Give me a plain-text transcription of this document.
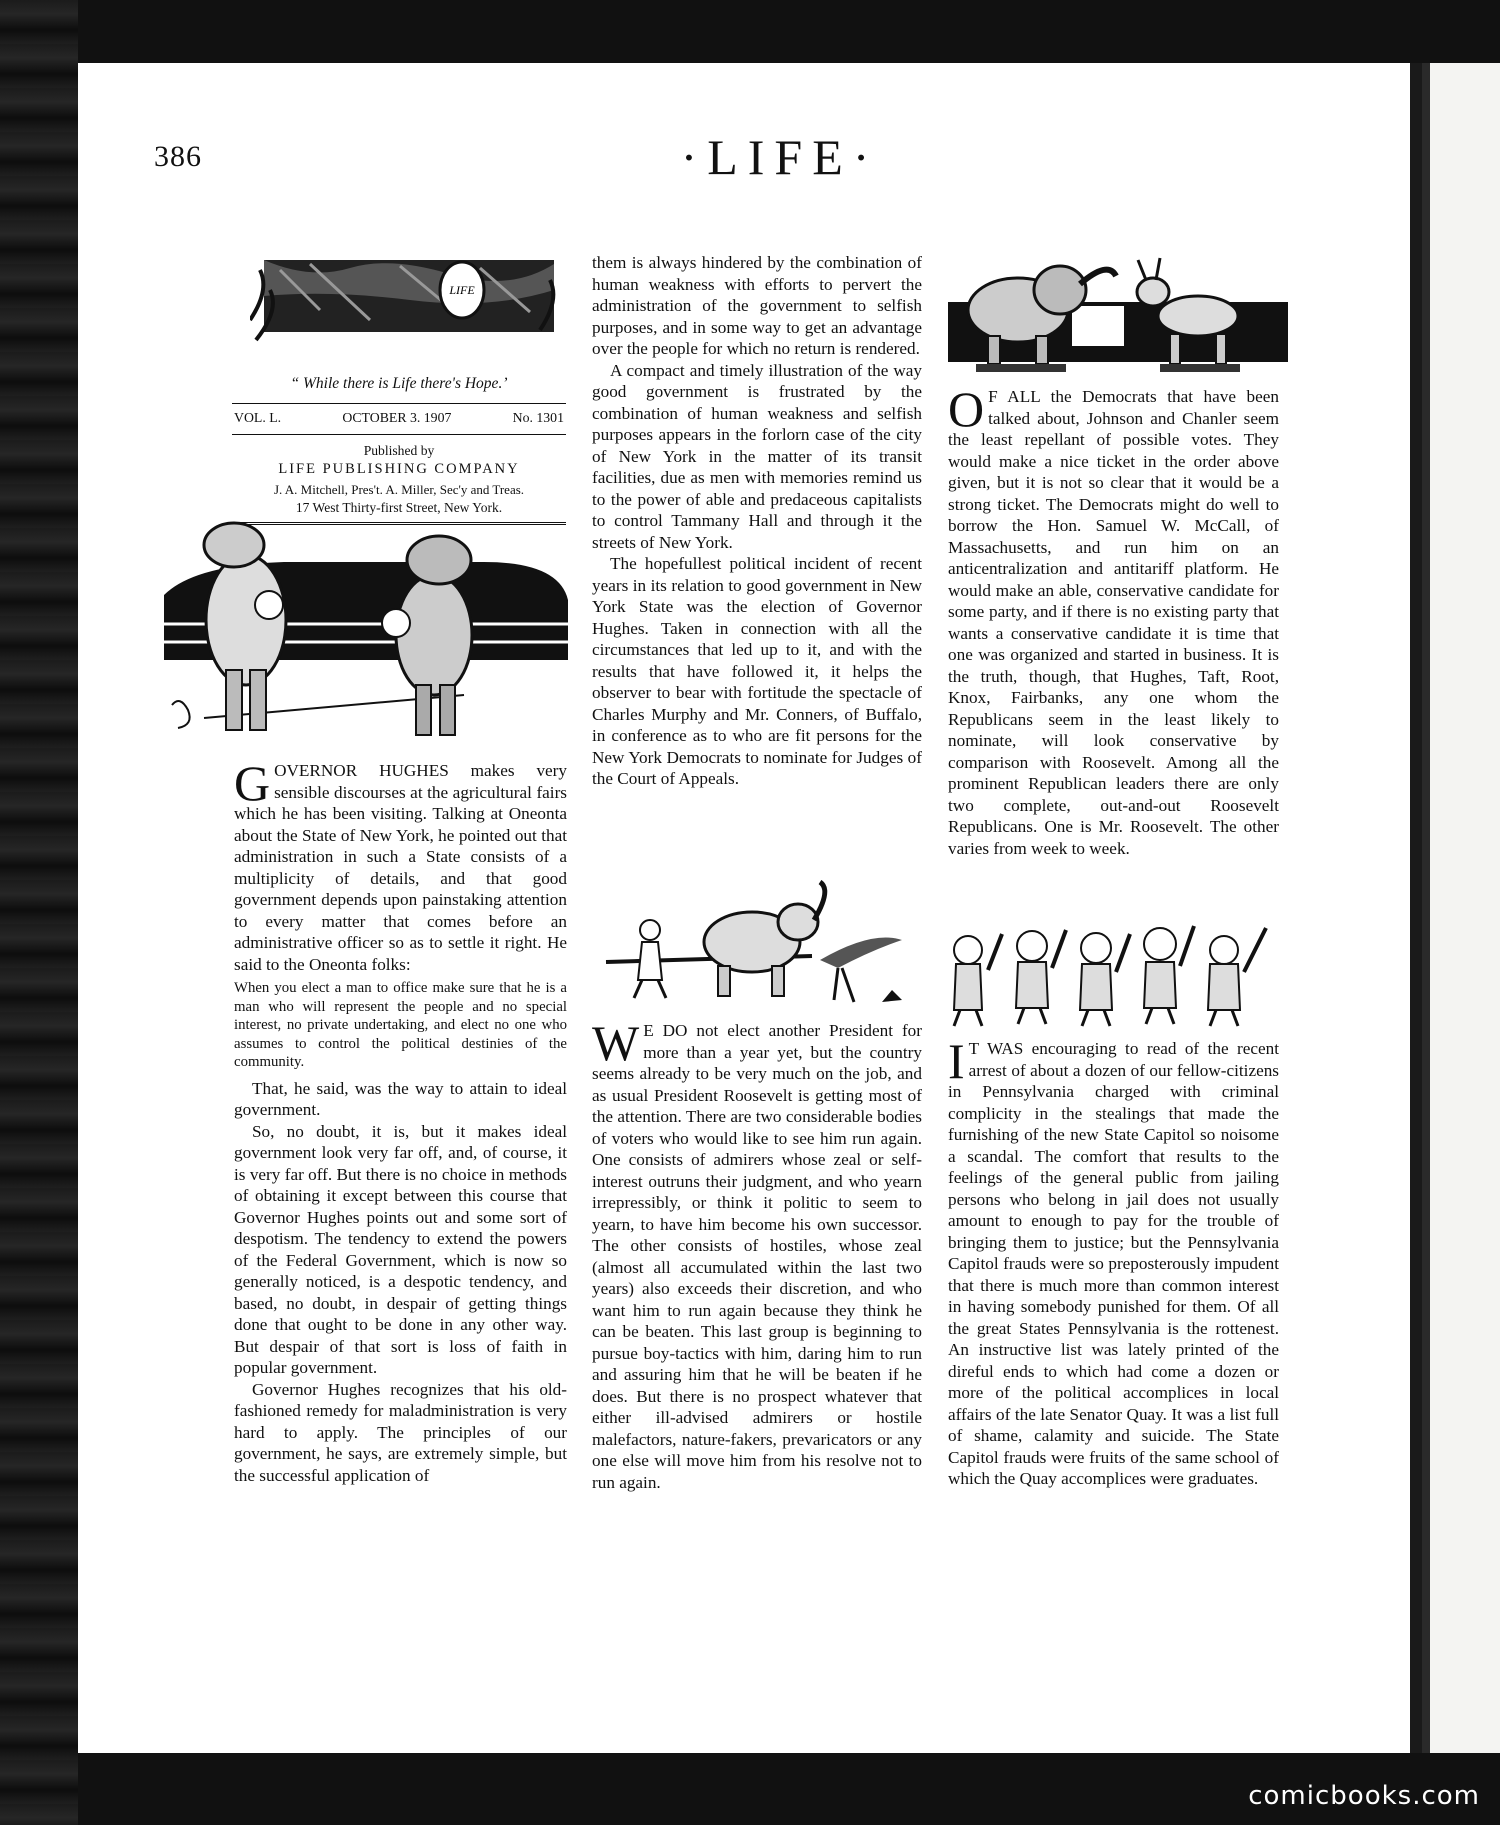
386	·LIFE·
LIFE
“ While there is Life there's Hope.’
VOL. L.	OCTOBER 3. 1907	No. 1301
Published by
LIFE PUBLISHING COMPANY
J. A. Mitchell, Pres't. A. Miller, Sec'y and Treas.
17 West Thirty-first Street, New York.

GOVERNOR HUGHES makes very sensible discourses at the agricultural fairs which he has been visiting. Talking at Oneonta about the State of New York, he pointed out that administration in such a State consists of a multiplicity of details, and that good government depends upon painstaking attention to every matter that comes before an administrative officer so as to settle it right. He said to the Oneonta folks:

When you elect a man to office make sure that he is a man who will represent the people and no special interest, no private undertaking, and elect no one who assumes to control the political destinies of the community.

That, he said, was the way to attain to ideal government.

So, no doubt, it is, but it makes ideal government look very far off, and, of course, it is very far off. But there is no choice in methods of obtaining it except between this course that Governor Hughes points out and some sort of despotism. The tendency to extend the powers of the Federal Government, which is now so generally noticed, is a despotic tendency, and based, no doubt, in despair of getting things done that ought to be done in any other way. But despair of that sort is loss of faith in popular government.

Governor Hughes recognizes that his old-fashioned remedy for maladministration is very hard to apply. The principles of our government, he says, are extremely simple, but the successful application of

them is always hindered by the combination of human weakness with efforts to pervert the administration of the government to selfish purposes, and in some way to get an advantage over the people for which no return is rendered.

A compact and timely illustration of the way good government is frustrated by the combination of human weakness and selfish purposes appears in the forlorn case of the city of New York in the matter of its transit facilities, due as men with memories remind us to the power of able and predaceous capitalists to control Tammany Hall and through it the streets of New York.

The hopefullest political incident of recent years in its relation to good government in New York State was the election of Governor Hughes. Taken in connection with all the circumstances that led up to it, and with the results that have followed it, it helps the observer to bear with fortitude the spectacle of Charles Murphy and Mr. Conners, of Buffalo, in conference as to who are fit persons for the New York Democrats to nominate for Judges of the Court of Appeals.

W E DO not elect another President for more than a year yet, but the country seems already to be very much on the job, and as usual President Roosevelt is getting most of the attention. There are two considerable bodies of voters who would like to see him run again. One consists of admirers whose zeal or self-interest outruns their judgment, and who yearn irrepressibly, or think it politic to seem to yearn, to have him become his own successor. The other consists of hostiles, whose zeal (almost all accumulated within the last two years) also exceeds their discretion, and who want him to run again because they think he can be beaten. This last group is beginning to pursue boy-tactics with him, daring him to run and assuring him that he will be beaten if he does. But there is no prospect whatever that either ill-advised admirers or hostile malefactors, nature-fakers, prevaricators or any one else will move him from his resolve not to run again.

O F ALL the Democrats that have been talked about, Johnson and Chanler seem the least repellant of possible votes. They would make a nice ticket in the order above given, but it is not so clear that it would be a strong ticket. The Democrats might do well to borrow the Hon. Samuel W. McCall, of Massachusetts, and run him on an anticentralization and antitariff platform. He would make an able, conservative candidate for some party, and if there is no existing party that wants a conservative candidate it is time that one was organized and started in business. It is the truth, though, that Hughes, Taft, Root, Knox, Fairbanks, any one whom the Republicans seem in the least likely to nominate, will look conservative by comparison with Roosevelt. Among all the prominent Republican leaders there are only two complete, out-and-out Roosevelt Republicans. One is Mr. Roosevelt. The other varies from week to week.

I T WAS encouraging to read of the recent arrest of about a dozen of our fellow-citizens in Pennsylvania charged with criminal complicity in the stealings that made the furnishing of the new State Capitol so noisome a scandal. The comfort that results to the feelings of the general public from jailing persons who belong in jail does not usually amount to enough to pay for the trouble of bringing them to justice; but the Pennsylvania Capitol frauds were so preposterously impudent that there is much more than common interest in having somebody punished for them. Of all the great States Pennsylvania is the rottenest. An instructive list was lately printed of the direful ends to which had come a dozen or more of the political accomplices in local affairs of the late Senator Quay. It was a list full of shame, calamity and suicide. The State Capitol frauds were fruits of the same school of which the Quay accomplices were graduates.

comicbooks.com
